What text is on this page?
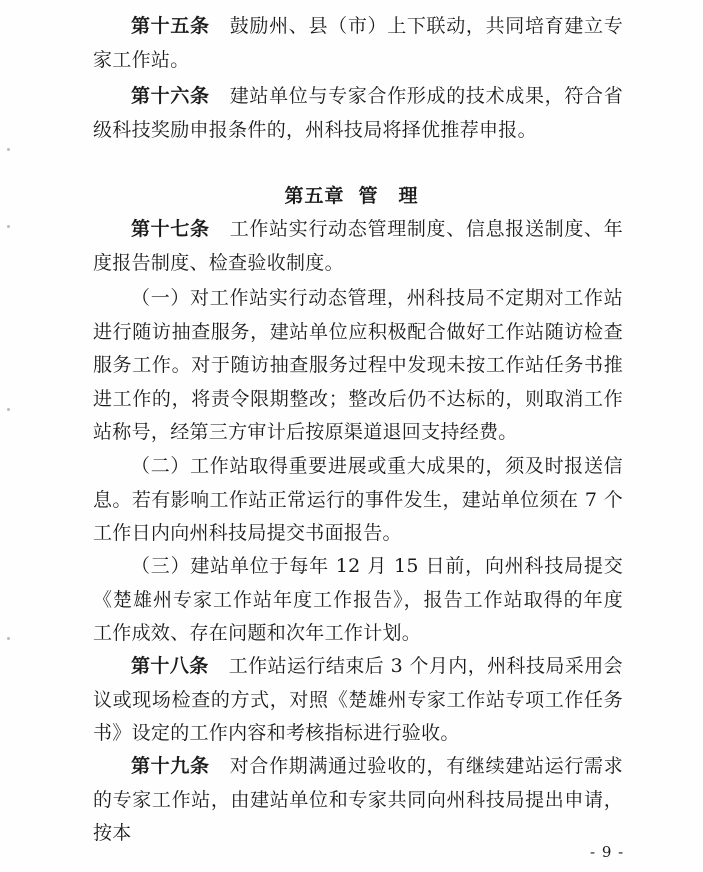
第十五条 鼓励州、县（市）上下联动，共同培育建立专家工作站。

第十六条 建站单位与专家合作形成的技术成果，符合省级科技奖励申报条件的，州科技局将择优推荐申报。

第五章 管　理

第十七条 工作站实行动态管理制度、信息报送制度、年度报告制度、检查验收制度。

（一）对工作站实行动态管理，州科技局不定期对工作站进行随访抽查服务，建站单位应积极配合做好工作站随访检查服务工作。对于随访抽查服务过程中发现未按工作站任务书推进工作的，将责令限期整改；整改后仍不达标的，则取消工作站称号，经第三方审计后按原渠道退回支持经费。

（二）工作站取得重要进展或重大成果的，须及时报送信息。若有影响工作站正常运行的事件发生，建站单位须在 7 个工作日内向州科技局提交书面报告。

（三）建站单位于每年 12 月 15 日前，向州科技局提交《楚雄州专家工作站年度工作报告》，报告工作站取得的年度工作成效、存在问题和次年工作计划。

第十八条 工作站运行结束后 3 个月内，州科技局采用会议或现场检查的方式，对照《楚雄州专家工作站专项工作任务书》设定的工作内容和考核指标进行验收。

第十九条 对合作期满通过验收的，有继续建站运行需求的专家工作站，由建站单位和专家共同向州科技局提出申请，按本

- 9 -
